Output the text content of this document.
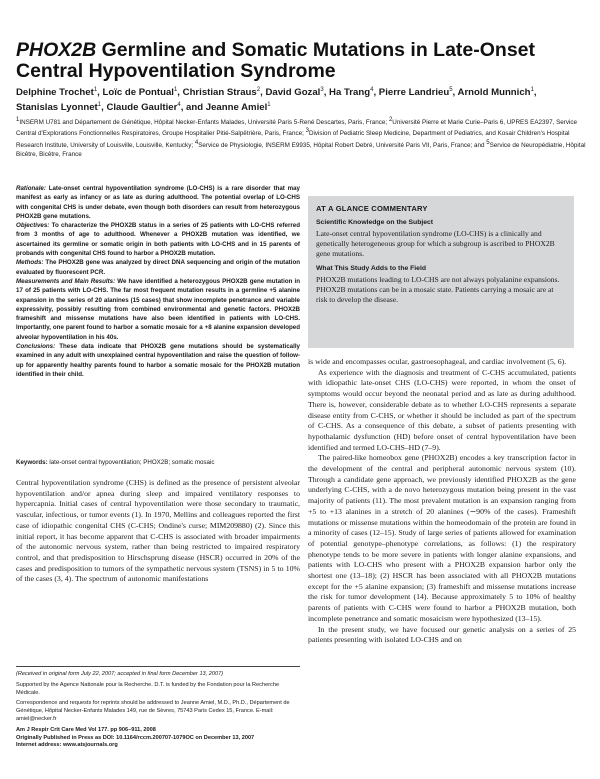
PHOX2B Germline and Somatic Mutations in Late-Onset Central Hypoventilation Syndrome
Delphine Trochet$^1$, Loïc de Pontual$^1$, Christian Straus$^2$, David Gozal$^3$, Ha Trang$^4$, Pierre Landrieu$^5$, Arnold Munnich$^1$, Stanislas Lyonnet$^1$, Claude Gaultier$^4$, and Jeanne Amiel$^1$
$^1$INSERM U781 and Département de Génétique, Hôpital Necker-Enfants Malades, Université Paris 5-René Descartes, Paris, France; $^2$Université Pierre et Marie Curie–Paris 6, UPRES EA2397, Service Central d'Explorations Fonctionnelles Respiratoires, Groupe Hospitalier Pitié-Salpêtrière, Paris, France; $^3$Division of Pediatric Sleep Medicine, Department of Pediatrics, and Kosair Children's Hospital Research Institute, University of Louisville, Louisville, Kentucky; $^4$Service de Physiologie, INSERM E9935, Hôpital Robert Debré, Université Paris VII, Paris, France; and $^5$Service de Neuropédiatrie, Hôpital Bicêtre, Bicêtre, France

Rationale: Late-onset central hypoventilation syndrome (LO-CHS) is a rare disorder that may manifest as early as infancy or as late as during adulthood. The potential overlap of LO-CHS with congenital CHS is under debate, even though both disorders can result from heterozygous PHOX2B gene mutations.

Objectives: To characterize the PHOX2B status in a series of 25 patients with LO-CHS referred from 3 months of age to adulthood. Whenever a PHOX2B mutation was identified, we ascertained its germline or somatic origin in both patients with LO-CHS and in 15 parents of probands with congenital CHS found to harbor a PHOX2B mutation.

Methods: The PHOX2B gene was analyzed by direct DNA sequencing and origin of the mutation evaluated by fluorescent PCR.

Measurements and Main Results: We have identified a heterozygous PHOX2B gene mutation in 17 of 25 patients with LO-CHS. The far most frequent mutation results in a germline +5 alanine expansion in the series of 20 alanines (15 cases) that show incomplete penetrance and variable expressivity, possibly resulting from combined environmental and genetic factors. PHOX2B frameshift and missense mutations have also been identified in patients with LO-CHS. Importantly, one parent found to harbor a somatic mosaic for a +8 alanine expansion developed alveolar hypoventilation in his 40s.

Conclusions: These data indicate that PHOX2B gene mutations should be systematically examined in any adult with unexplained central hypoventilation and raise the question of follow-up for apparently healthy parents found to harbor a somatic mosaic for the PHOX2B mutation identified in their child.

Keywords: late-onset central hypoventilation; PHOX2B; somatic mosaic

Central hypoventilation syndrome (CHS) is defined as the presence of persistent alveolar hypoventilation and/or apnea during sleep and impaired ventilatory responses to hypercapnia. Initial cases of central hypoventilation were those secondary to traumatic, vascular, infectious, or tumor events (1). In 1970, Mellins and colleagues reported the first case of idiopathic congenital CHS (C-CHS; Ondine's curse; MIM209880) (2). Since this initial report, it has become apparent that C-CHS is associated with broader impairments of the autonomic nervous system, rather than being restricted to impaired respiratory control, and that predisposition to Hirschsprung disease (HSCR) occurred in 20% of the cases and predisposition to tumors of the sympathetic nervous system (TSNS) in 5 to 10% of the cases (3, 4). The spectrum of autonomic manifestations

(Received in original form July 22, 2007; accepted in final form December 13, 2007)

Supported by the Agence Nationale pour la Recherche. D.T. is funded by the Fondation pour la Recherche Médicale.

Correspondence and requests for reprints should be addressed to Jeanne Amiel, M.D., Ph.D., Département de Génétique, Hôpital Necker-Enfants Malades 149, rue de Sèvres, 75743 Paris Cedex 15, France. E-mail: amiel@necker.fr

Am J Respir Crit Care Med Vol 177. pp 906–911, 2008

Originally Published in Press as DOI: 10.1164/rccm.200707-1079OC on December 13, 2007

Internet address: www.atsjournals.org

AT A GLANCE COMMENTARY
Scientific Knowledge on the Subject

Late-onset central hypoventilation syndrome (LO-CHS) is a clinically and genetically heterogeneous group for which a subgroup is ascribed to PHOX2B gene mutations.

What This Study Adds to the Field

PHOX2B mutations leading to LO-CHS are not always polyalanine expansions. PHOX2B mutations can be in a mosaic state. Patients carrying a mosaic are at risk to develop the disease.

is wide and encompasses ocular, gastroesophageal, and cardiac involvement (5, 6).

As experience with the diagnosis and treatment of C-CHS accumulated, patients with idiopathic late-onset CHS (LO-CHS) were reported, in whom the onset of symptoms would occur beyond the neonatal period and as late as during adulthood. There is, however, considerable debate as to whether LO-CHS represents a separate disease entity from C-CHS, or whether it should be included as part of the spectrum of C-CHS. As a consequence of this debate, a subset of patients presenting with hypothalamic dysfunction (HD) before onset of central hypoventilation have been identified and termed LO-CHS–HD (7–9).

The paired-like homeobox gene (PHOX2B) encodes a key transcription factor in the development of the central and peripheral autonomic nervous system (10). Through a candidate gene approach, we previously identified PHOX2B as the gene underlying C-CHS, with a de novo heterozygous mutation being present in the vast majority of patients (11). The most prevalent mutation is an expansion ranging from +5 to +13 alanines in a stretch of 20 alanines (∼90% of the cases). Frameshift mutations or missense mutations within the homeodomain of the protein are found in a minority of cases (12–15). Study of large series of patients allowed for examination of potential genotype–phenotype correlations, as follows: (1) the respiratory phenotype tends to be more severe in patients with longer alanine expansions, and patients with LO-CHS who present with a PHOX2B expansion harbor only the shortest one (13–18); (2) HSCR has been associated with all PHOX2B mutations except for the +5 alanine expansion; (3) frameshift and missense mutations increase the risk for tumor development (14). Because approximately 5 to 10% of healthy parents of patients with C-CHS were found to harbor a PHOX2B mutation, both incomplete penetrance and somatic mosaicism were hypothesized (13–15).

In the present study, we have focused our genetic analysis on a series of 25 patients presenting with isolated LO-CHS and on
